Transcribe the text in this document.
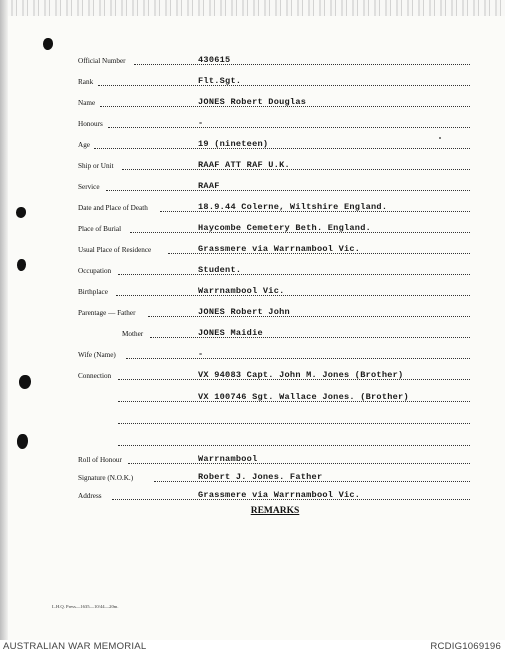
Official Number	430615
Rank	Flt.Sgt.
Name	JONES Robert Douglas
Honours	-
Age	19 (nineteen)
Ship or Unit	RAAF ATT RAF U.K.
Service	RAAF
Date and Place of Death	18.9.44 Colerne, Wiltshire England.
Place of Burial	Haycombe Cemetery Beth. England.
Usual Place of Residence	Grassmere via Warrnambool Vic.
Occupation	Student.
Birthplace	Warrnambool Vic.
Parentage — Father	JONES Robert John
Mother	JONES Maidie
Wife (Name)	-
Connection	VX 94083 Capt. John M. Jones (Brother)
VX 100746 Sgt. Wallace Jones. (Brother)
Roll of Honour	Warrnambool
Signature (N.O.K.)	Robert J. Jones. Father
Address	Grassmere via Warrnambool Vic.
REMARKS
L.H.Q. Press—1635—10/44—20m.
AUSTRALIAN WAR MEMORIAL	RCDIG1069196
